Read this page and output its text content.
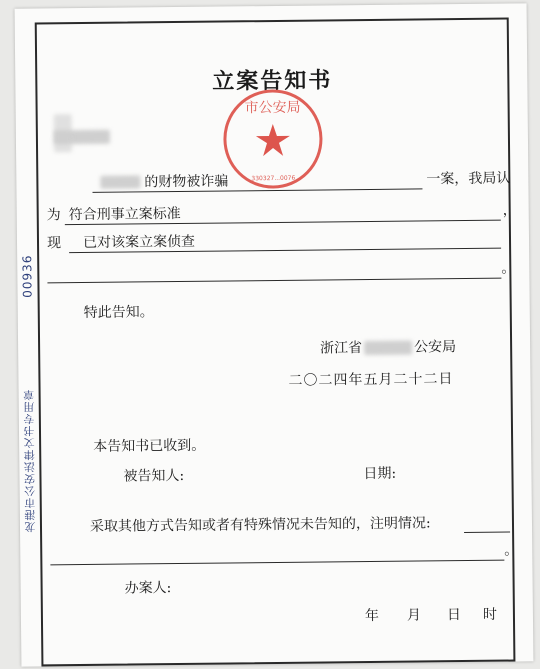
00936
龙港市公安法律文书专用章
立案告知书
市公安局
330327...0076
的财物被诈骗	一案，我局认
为 符合刑事立案标准	，
现 已对该案立案侦查
。
特此告知。
浙江省	公安局
二〇二四年五月二十二日
本告知书已收到。
被告知人:	日期:
采取其他方式告知或者有特殊情况未告知的，注明情况:
。
办案人:
年 月 日 时
